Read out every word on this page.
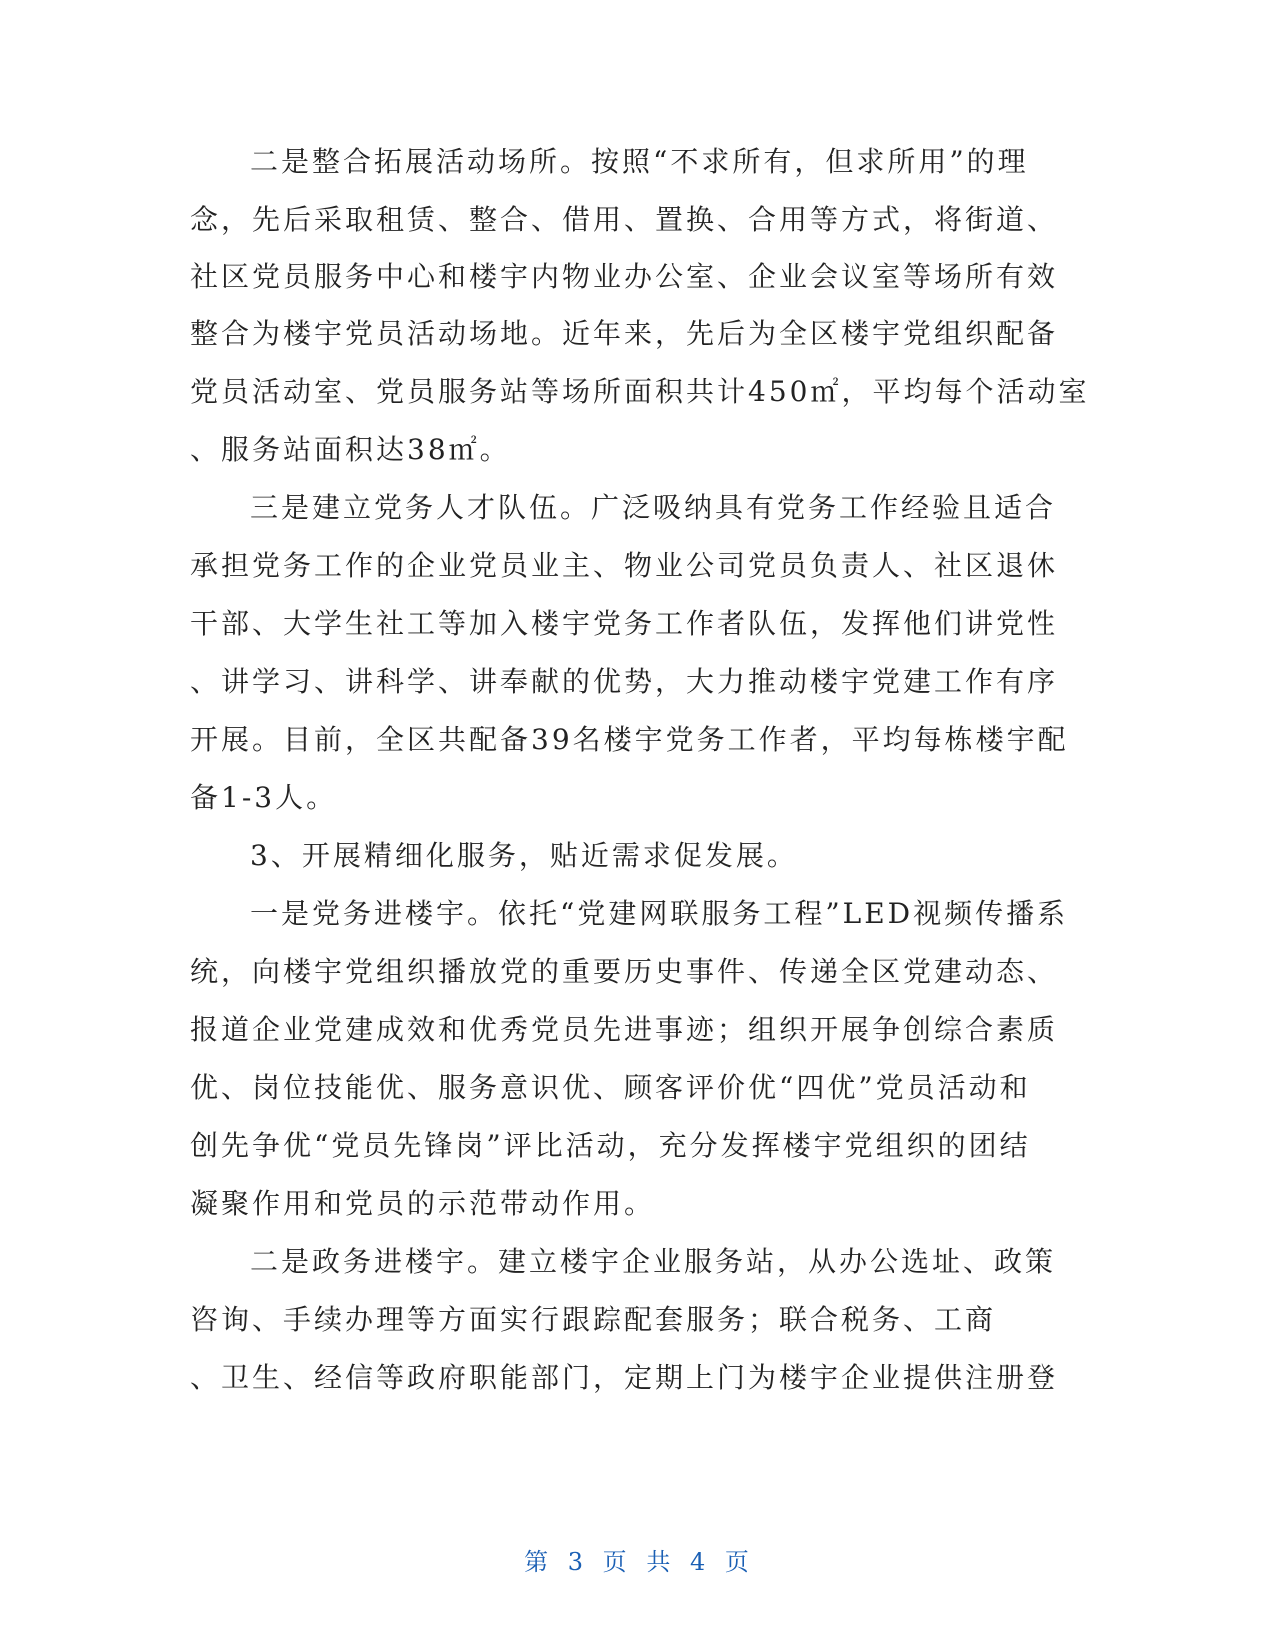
二是整合拓展活动场所。按照“不求所有，但求所用”的理
念，先后采取租赁、整合、借用、置换、合用等方式，将街道、
社区党员服务中心和楼宇内物业办公室、企业会议室等场所有效
整合为楼宇党员活动场地。近年来，先后为全区楼宇党组织配备
党员活动室、党员服务站等场所面积共计450㎡，平均每个活动室
、服务站面积达38㎡。
三是建立党务人才队伍。广泛吸纳具有党务工作经验且适合
承担党务工作的企业党员业主、物业公司党员负责人、社区退休
干部、大学生社工等加入楼宇党务工作者队伍，发挥他们讲党性
、讲学习、讲科学、讲奉献的优势，大力推动楼宇党建工作有序
开展。目前，全区共配备39名楼宇党务工作者，平均每栋楼宇配
备1-3人。
3、开展精细化服务，贴近需求促发展。
一是党务进楼宇。依托“党建网联服务工程”LED视频传播系
统，向楼宇党组织播放党的重要历史事件、传递全区党建动态、
报道企业党建成效和优秀党员先进事迹；组织开展争创综合素质
优、岗位技能优、服务意识优、顾客评价优“四优”党员活动和
创先争优“党员先锋岗”评比活动，充分发挥楼宇党组织的团结
凝聚作用和党员的示范带动作用。
二是政务进楼宇。建立楼宇企业服务站，从办公选址、政策
咨询、手续办理等方面实行跟踪配套服务；联合税务、工商
、卫生、经信等政府职能部门，定期上门为楼宇企业提供注册登
第 3 页 共 4 页
